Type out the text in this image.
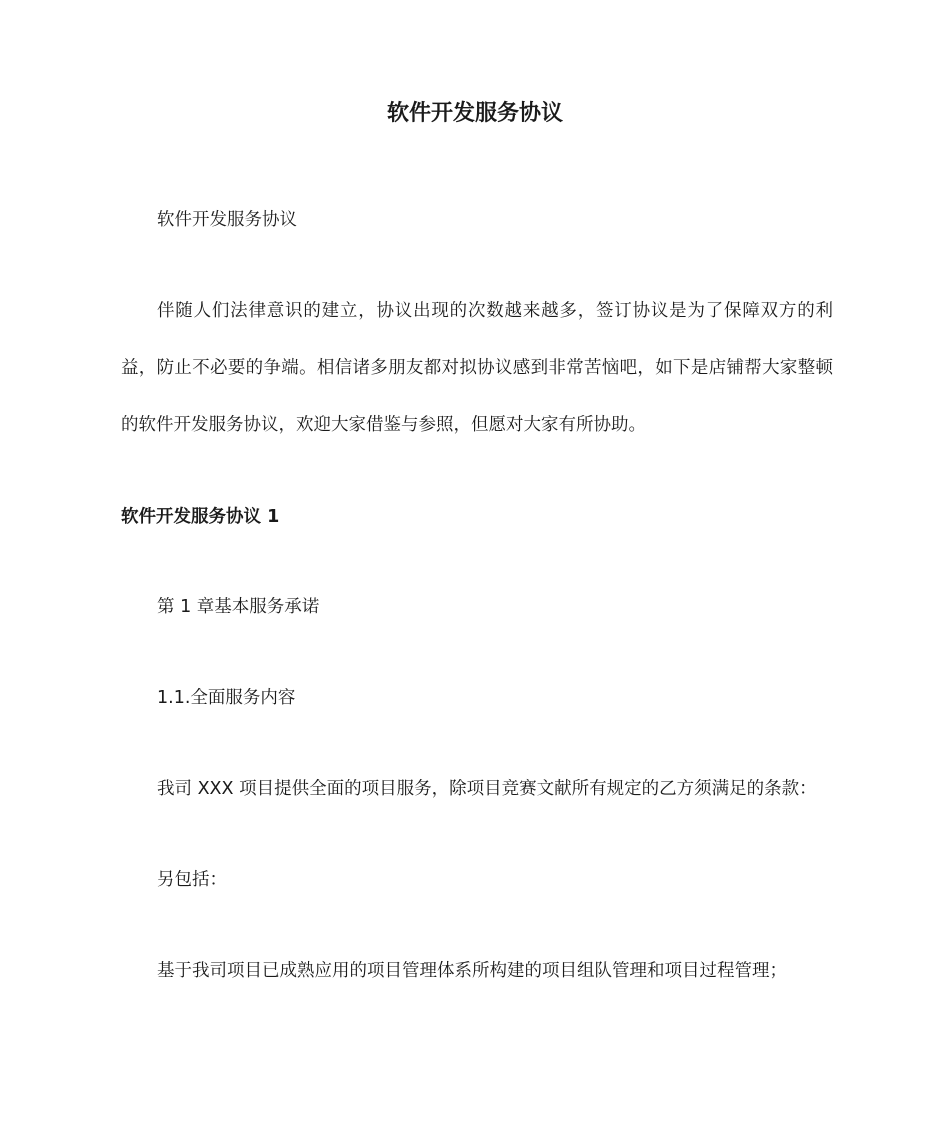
软件开发服务协议
软件开发服务协议
伴随人们法律意识的建立，协议出现的次数越来越多，签订协议是为了保障双方的利益，防止不必要的争端。相信诸多朋友都对拟协议感到非常苦恼吧，如下是店铺帮大家整顿的软件开发服务协议，欢迎大家借鉴与参照，但愿对大家有所协助。
软件开发服务协议 1
第 1 章基本服务承诺
1.1.全面服务内容
我司 XXX 项目提供全面的项目服务，除项目竞赛文献所有规定的乙方须满足的条款：
另包括：
基于我司项目已成熟应用的项目管理体系所构建的项目组队管理和项目过程管理；
